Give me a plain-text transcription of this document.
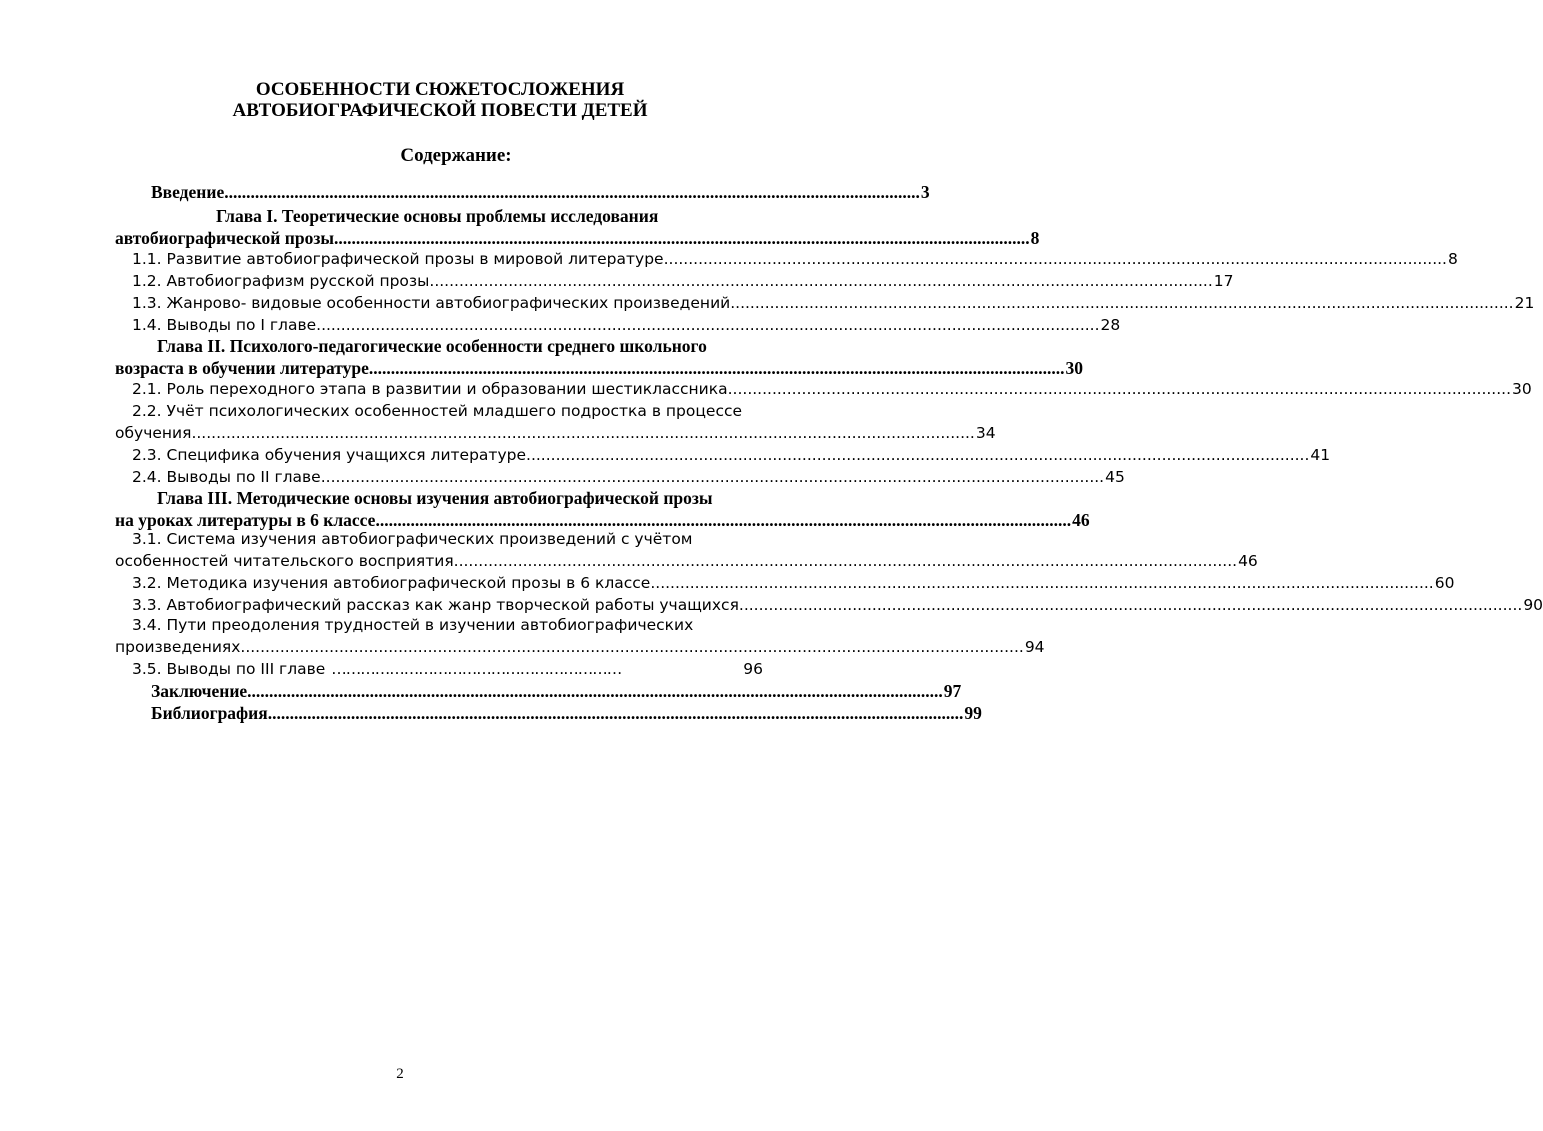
ОСОБЕННОСТИ СЮЖЕТОСЛОЖЕНИЯ
АВТОБИОГРАФИЧЕСКОЙ ПОВЕСТИ ДЕТЕЙ
Содержание:
Введение ............................................................................................................................................................... 3
Глава I. Теоретические основы проблемы исследования
автобиографической прозы ............................................................................................................................................................... 8
1.1. Развитие автобиографической прозы в мировой литературе ............................................................................................................................................................... 8
1.2. Автобиографизм русской прозы ............................................................................................................................................................... 17
1.3. Жанрово- видовые особенности автобиографических произведений ............................................................................................................................................................... 21
1.4. Выводы по I главе ............................................................................................................................................................... 28
Глава II. Психолого-педагогические особенности среднего школьного
возраста в обучении литературе ............................................................................................................................................................... 30
2.1. Роль переходного этапа в развитии и образовании шестиклассника ............................................................................................................................................................... 30
2.2. Учёт психологических особенностей младшего подростка в процессе
обучения ............................................................................................................................................................... 34
2.3. Специфика обучения учащихся литературе ............................................................................................................................................................... 41
2.4. Выводы по II главе ............................................................................................................................................................... 45
Глава III. Методические основы изучения автобиографической прозы
на уроках литературы в 6 классе ............................................................................................................................................................... 46
3.1. Система изучения автобиографических произведений с учётом
особенностей читательского восприятия ............................................................................................................................................................... 46
3.2. Методика изучения автобиографической прозы в 6 классе ............................................................................................................................................................... 60
3.3. Автобиографический рассказ как жанр творческой работы учащихся ............................................................................................................................................................... 90
3.4. Пути преодоления трудностей в изучении автобиографических
произведениях ............................................................................................................................................................... 94
3.5. Выводы по III главе ……………………………………………………	96
Заключение ............................................................................................................................................................... 97
Библиография ............................................................................................................................................................... 99
2
